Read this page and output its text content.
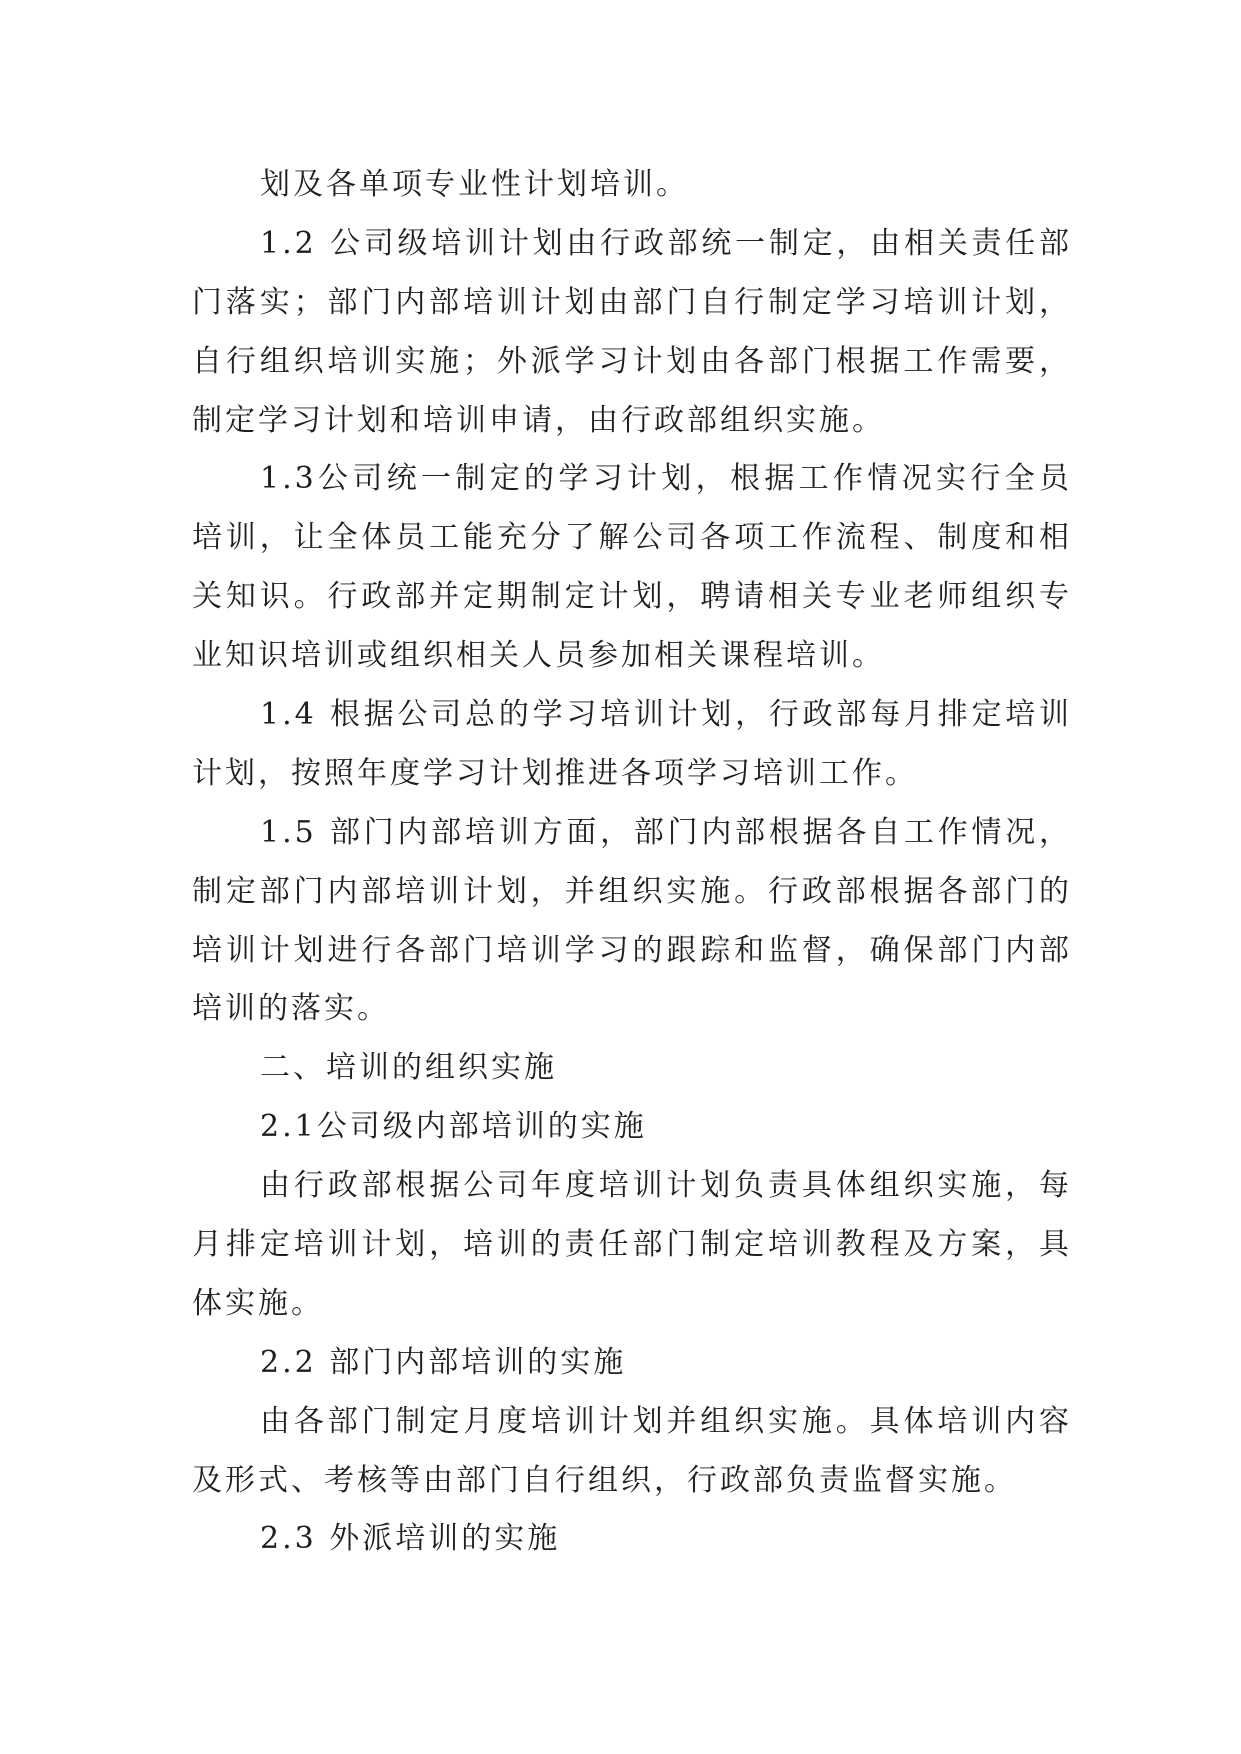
划及各单项专业性计划培训。
1.2 公司级培训计划由行政部统一制定，由相关责任部
门落实；部门内部培训计划由部门自行制定学习培训计划，
自行组织培训实施；外派学习计划由各部门根据工作需要，
制定学习计划和培训申请，由行政部组织实施。
1.3公司统一制定的学习计划，根据工作情况实行全员
培训，让全体员工能充分了解公司各项工作流程、制度和相
关知识。行政部并定期制定计划，聘请相关专业老师组织专
业知识培训或组织相关人员参加相关课程培训。
1.4 根据公司总的学习培训计划，行政部每月排定培训
计划，按照年度学习计划推进各项学习培训工作。
1.5 部门内部培训方面，部门内部根据各自工作情况，
制定部门内部培训计划，并组织实施。行政部根据各部门的
培训计划进行各部门培训学习的跟踪和监督，确保部门内部
培训的落实。
二、培训的组织实施
2.1公司级内部培训的实施
由行政部根据公司年度培训计划负责具体组织实施，每
月排定培训计划，培训的责任部门制定培训教程及方案，具
体实施。
2.2 部门内部培训的实施
由各部门制定月度培训计划并组织实施。具体培训内容
及形式、考核等由部门自行组织，行政部负责监督实施。
2.3 外派培训的实施
